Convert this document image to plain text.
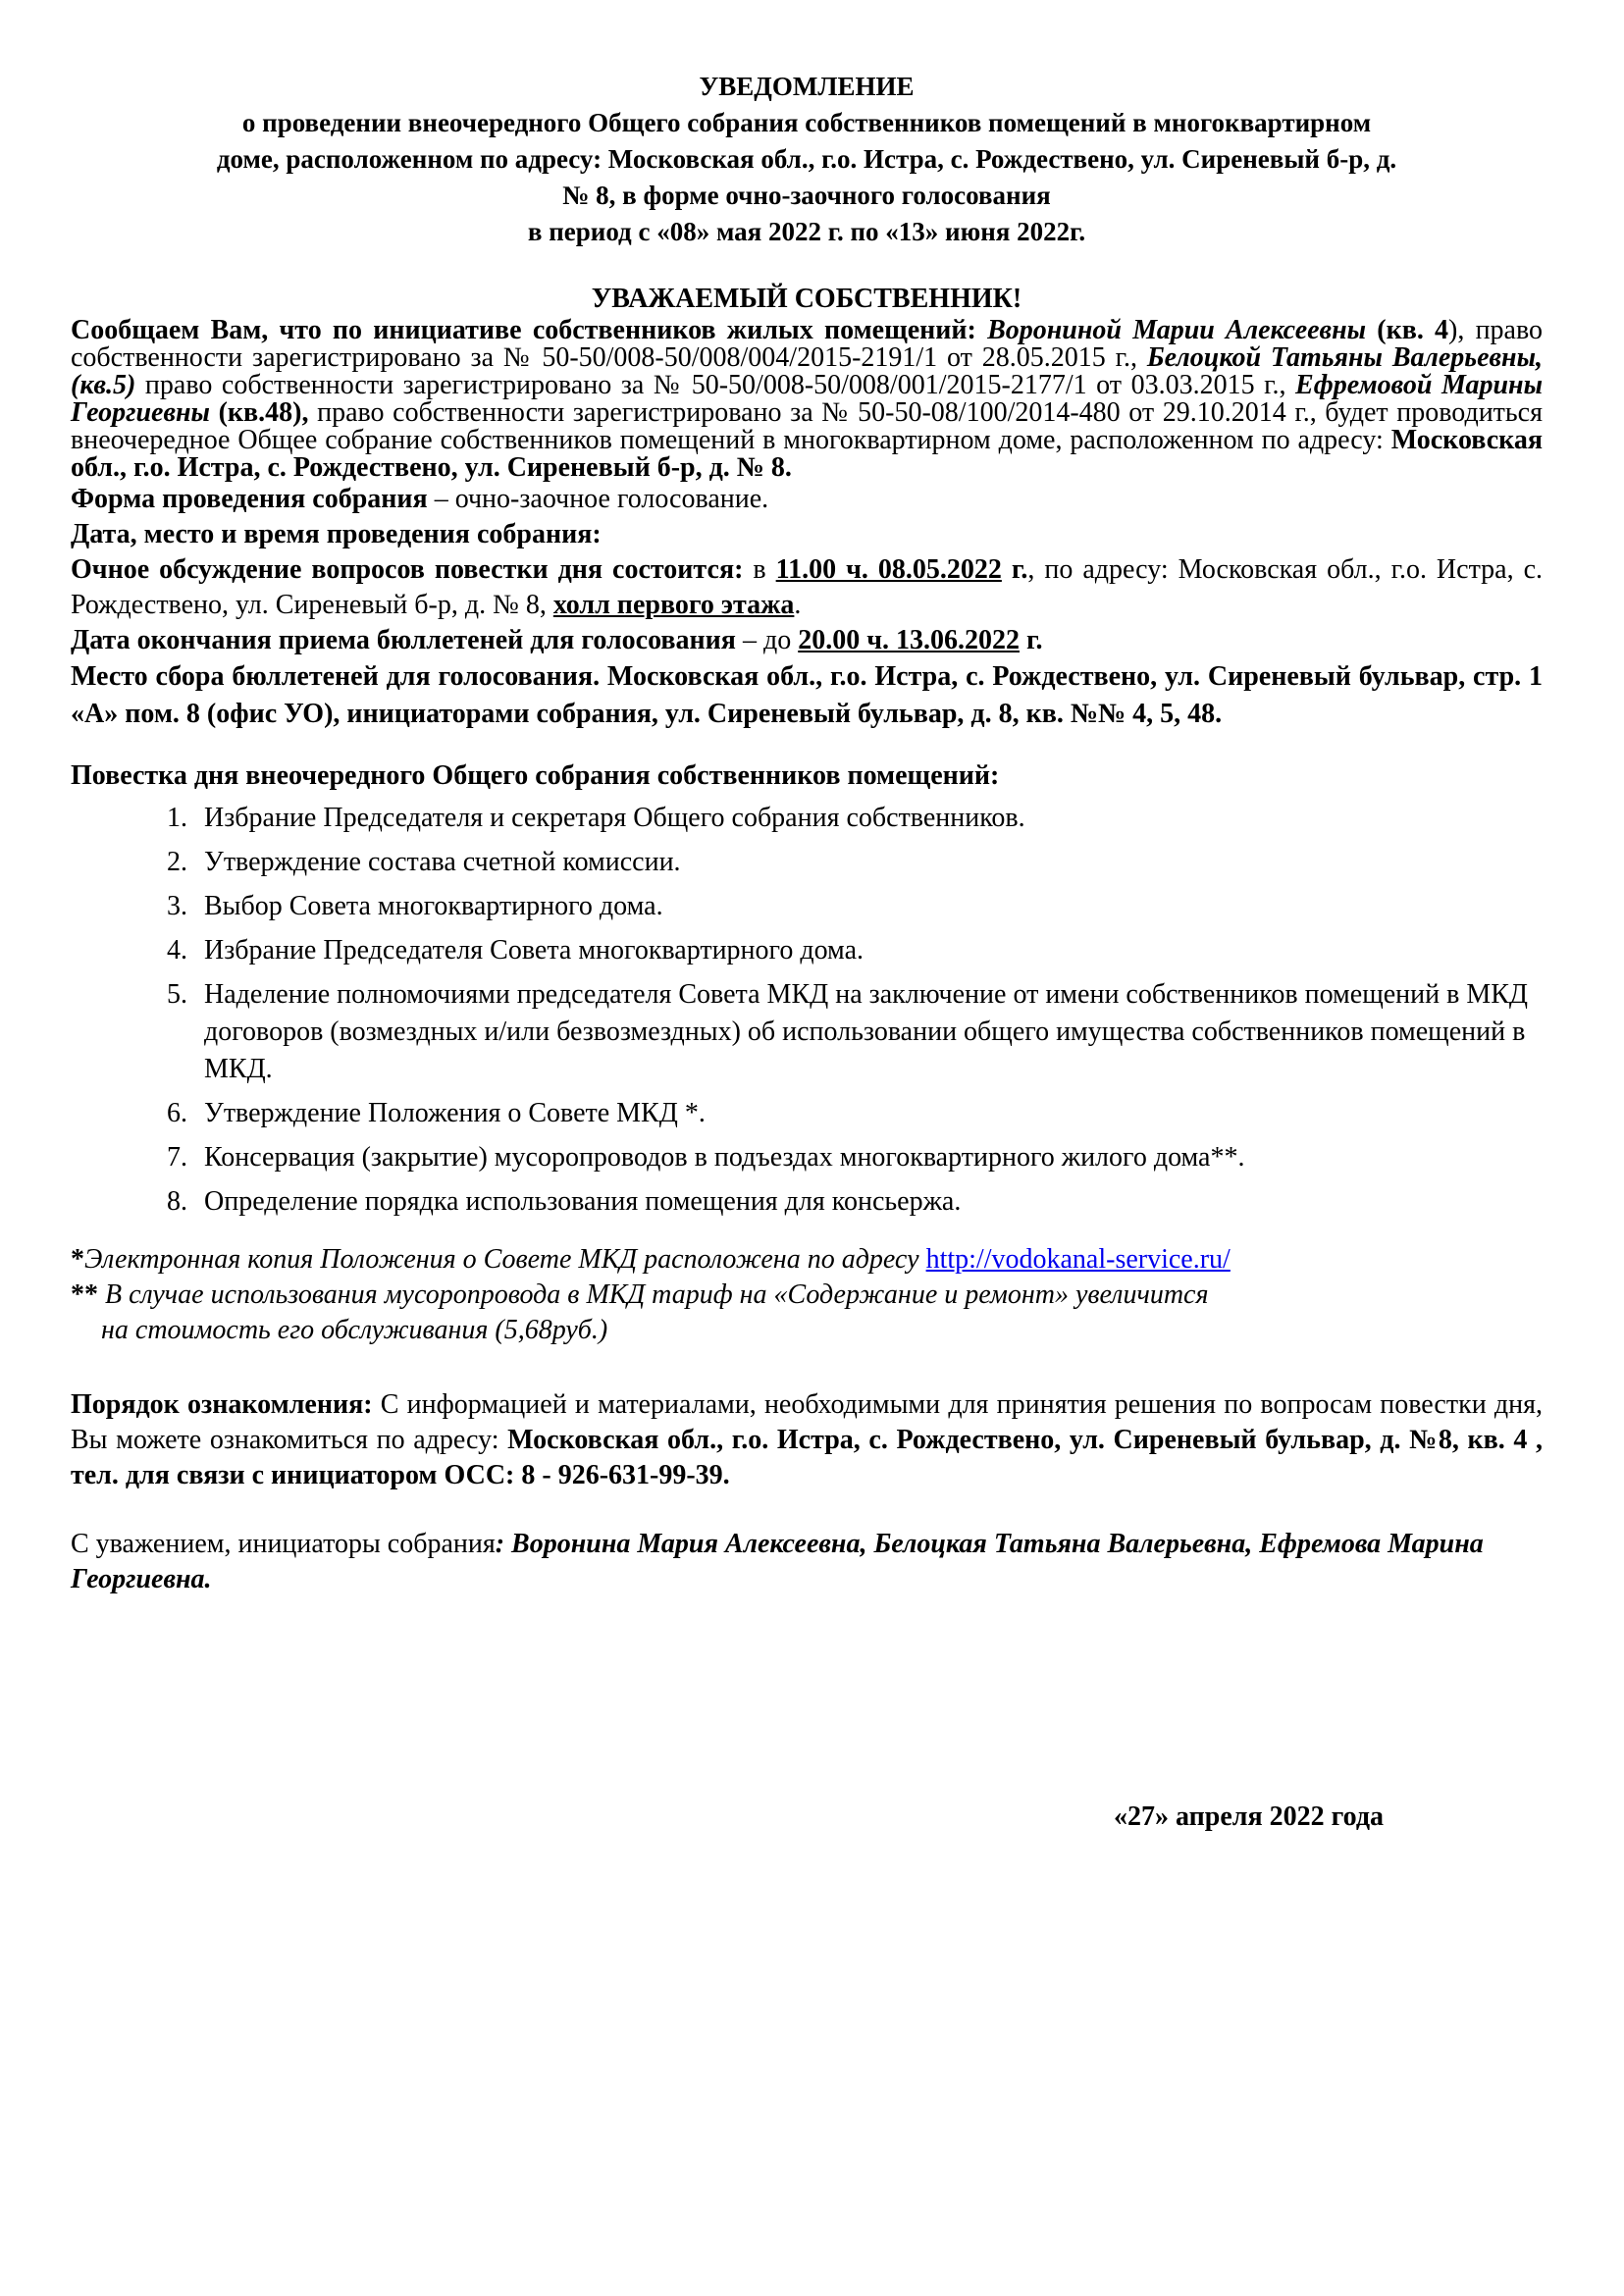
УВЕДОМЛЕНИЕ
о проведении внеочередного Общего собрания собственников помещений в многоквартирном
доме, расположенном по адресу: Московская обл., г.о. Истра, с. Рождествено, ул. Сиреневый б-р, д.
№ 8, в форме очно-заочного голосования
в период с «08» мая 2022 г. по «13» июня 2022г.
УВАЖАЕМЫЙ СОБСТВЕННИК!
Сообщаем Вам, что по инициативе собственников жилых помещений: Ворониной Марии Алексеевны (кв. 4), право собственности зарегистрировано за № 50-50/008-50/008/004/2015-2191/1 от 28.05.2015 г., Белоцкой Татьяны Валерьевны, (кв.5) право собственности зарегистрировано за № 50-50/008-50/008/001/2015-2177/1 от 03.03.2015 г., Ефремовой Марины Георгиевны (кв.48), право собственности зарегистрировано за № 50-50-08/100/2014-480 от 29.10.2014 г., будет проводиться внеочередное Общее собрание собственников помещений в многоквартирном доме, расположенном по адресу: Московская обл., г.о. Истра, с. Рождествено, ул. Сиреневый б-р, д. № 8.

Форма проведения собрания – очно-заочное голосование.

Дата, место и время проведения собрания:

Очное обсуждение вопросов повестки дня состоится: в 11.00 ч. 08.05.2022 г., по адресу: Московская обл., г.о. Истра, с. Рождествено, ул. Сиреневый б-р, д. № 8, холл первого этажа.

Дата окончания приема бюллетеней для голосования – до 20.00 ч. 13.06.2022 г.

Место сбора бюллетеней для голосования. Московская обл., г.о. Истра, с. Рождествено, ул. Сиреневый бульвар, стр. 1 «А» пом. 8 (офис УО), инициаторами собрания, ул. Сиреневый бульвар, д. 8, кв. №№ 4, 5, 48.
Повестка дня внеочередного Общего собрания собственников помещений:
1. Избрание Председателя и секретаря Общего собрания собственников.
2. Утверждение состава счетной комиссии.
3. Выбор Совета многоквартирного дома.
4. Избрание Председателя Совета многоквартирного дома.
5. Наделение полномочиями председателя Совета МКД на заключение от имени собственников помещений в МКД договоров (возмездных и/или безвозмездных) об использовании общего имущества собственников помещений в МКД.
6. Утверждение Положения о Совете МКД *.
7. Консервация (закрытие) мусоропроводов в подъездах многоквартирного жилого дома**.
8. Определение порядка использования помещения для консьержа.
*Электронная копия Положения о Совете МКД расположена по адресу http://vodokanal-service.ru/
** В случае использования мусоропровода в МКД тариф на «Содержание и ремонт» увеличится
на стоимость его обслуживания (5,68руб.)
Порядок ознакомления: С информацией и материалами, необходимыми для принятия решения по вопросам повестки дня, Вы можете ознакомиться по адресу: Московская обл., г.о. Истра, с. Рождествено, ул. Сиреневый бульвар, д. №8, кв. 4 , тел. для связи с инициатором ОСС: 8 - 926-631-99-39.
С уважением, инициаторы собрания: Воронина Мария Алексеевна, Белоцкая Татьяна Валерьевна, Ефремова Марина Георгиевна.
«27» апреля 2022 года
